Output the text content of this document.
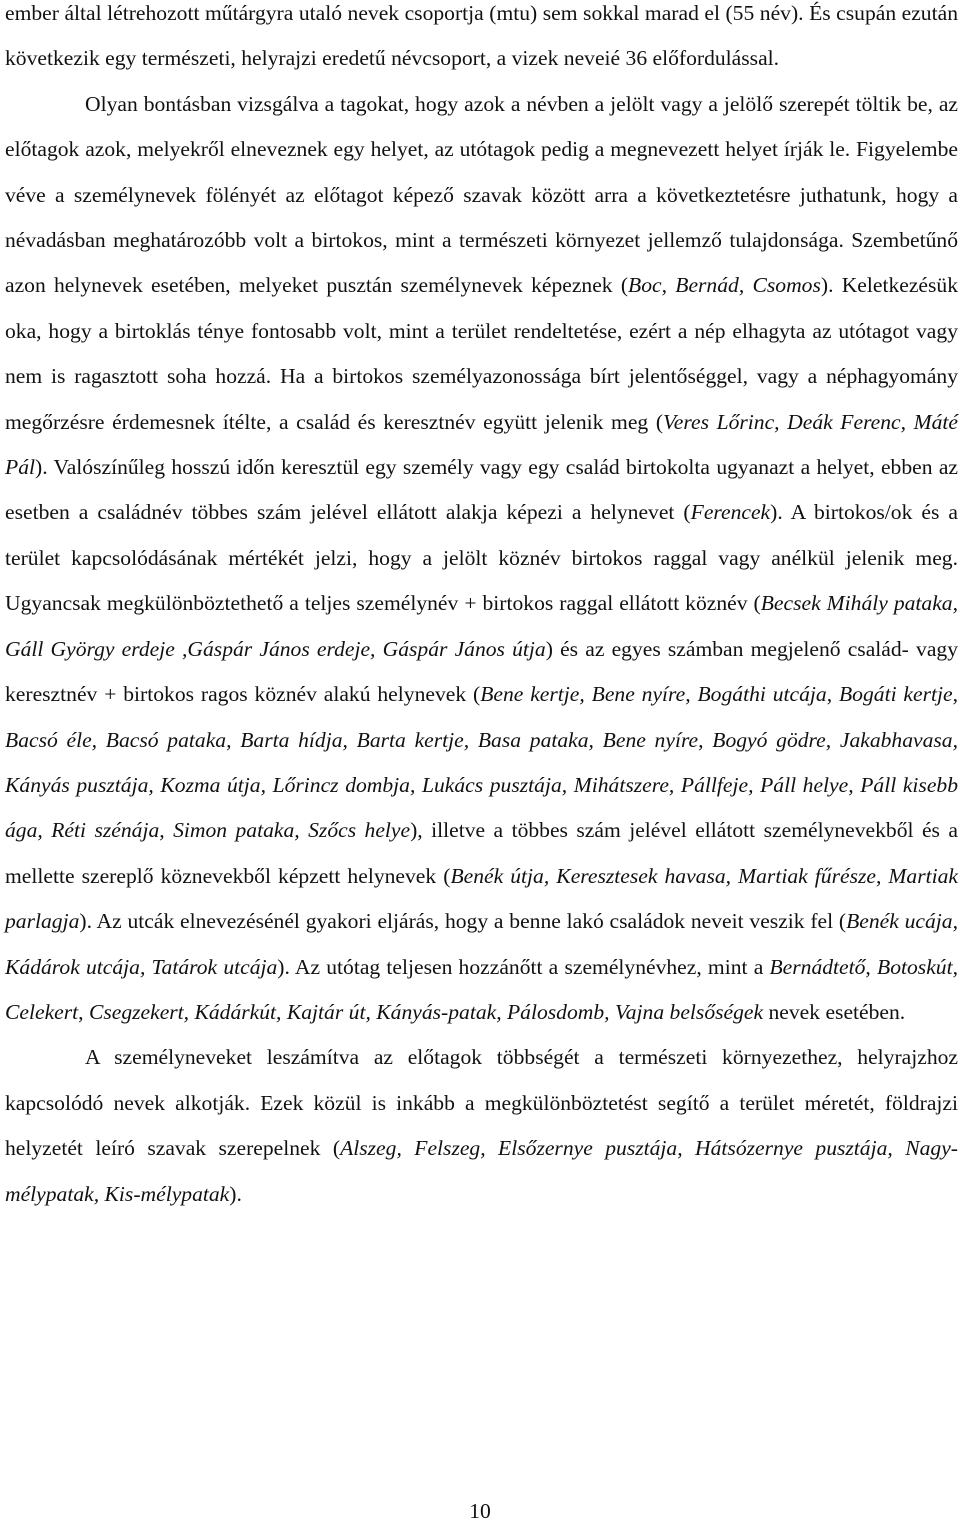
ember által létrehozott műtárgyra utaló nevek csoportja (mtu) sem sokkal marad el (55 név). És csupán ezután következik egy természeti, helyrajzi eredetű névcsoport, a vizek neveié 36 előfordulással.

Olyan bontásban vizsgálva a tagokat, hogy azok a névben a jelölt vagy a jelölő szerepét töltik be, az előtagok azok, melyekről elneveznek egy helyet, az utótagok pedig a megnevezett helyet írják le. Figyelembe véve a személynevek fölényét az előtagot képező szavak között arra a következtetésre juthatunk, hogy a névadásban meghatározóbb volt a birtokos, mint a természeti környezet jellemző tulajdonsága. Szembetűnő azon helynevek esetében, melyeket pusztán személynevek képeznek (Boc, Bernád, Csomos). Keletkezésük oka, hogy a birtoklás ténye fontosabb volt, mint a terület rendeltetése, ezért a nép elhagyta az utótagot vagy nem is ragasztott soha hozzá. Ha a birtokos személyazonossága bírt jelentőséggel, vagy a néphagyomány megőrzésre érdemesnek ítélte, a család és keresztnév együtt jelenik meg (Veres Lőrinc, Deák Ferenc, Máté Pál). Valószínűleg hosszú időn keresztül egy személy vagy egy család birtokolta ugyanazt a helyet, ebben az esetben a családnév többes szám jelével ellátott alakja képezi a helynevet (Ferencek). A birtokos/ok és a terület kapcsolódásának mértékét jelzi, hogy a jelölt köznév birtokos raggal vagy anélkül jelenik meg. Ugyancsak megkülönböztethető a teljes személynév + birtokos raggal ellátott köznév (Becsek Mihály pataka, Gáll György erdeje ,Gáspár János erdeje, Gáspár János útja) és az egyes számban megjelenő család- vagy keresztnév + birtokos ragos köznév alakú helynevek (Bene kertje, Bene nyíre, Bogáthi utcája, Bogáti kertje, Bacsó éle, Bacsó pataka, Barta hídja, Barta kertje, Basa pataka, Bene nyíre, Bogyó gödre, Jakabhavasa, Kányás pusztája, Kozma útja, Lőrincz dombja, Lukács pusztája, Mihátszere, Pállfeje, Páll helye, Páll kisebb ága, Réti szénája, Simon pataka, Szőcs helye), illetve a többes szám jelével ellátott személynevekből és a mellette szereplő köznevekből képzett helynevek (Benék útja, Keresztesek havasa, Martiak fűrésze, Martiak parlagja). Az utcák elnevezésénél gyakori eljárás, hogy a benne lakó családok neveit veszik fel (Benék ucája, Kádárok utcája, Tatárok utcája). Az utótag teljesen hozzánőtt a személynévhez, mint a Bernádtető, Botoskút, Celekert, Csegzekert, Kádárkút, Kajtár út, Kányás-patak, Pálosdomb, Vajna belsőségek nevek esetében.

A személyneveket leszámítva az előtagok többségét a természeti környezethez, helyrajzhoz kapcsolódó nevek alkotják. Ezek közül is inkább a megkülönböztetést segítő a terület méretét, földrajzi helyzetét leíró szavak szerepelnek (Alszeg, Felszeg, Elsőzernye pusztája, Hátsózernye pusztája, Nagy-mélypatak, Kis-mélypatak).

10
